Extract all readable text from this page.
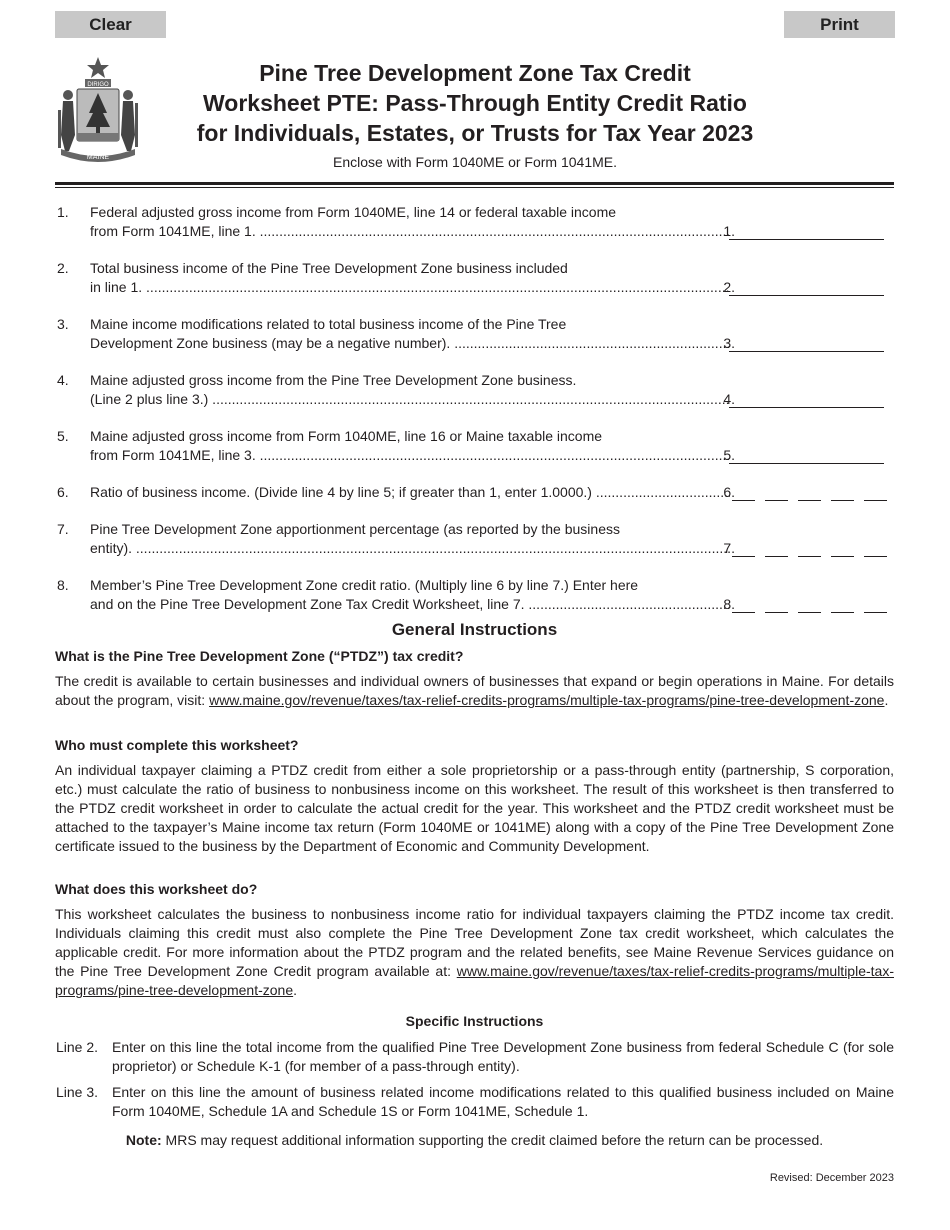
Clear	Print
DIRIGO
MAINE
Pine Tree Development Zone Tax Credit
Worksheet PTE: Pass-Through Entity Credit Ratio
for Individuals, Estates, or Trusts for Tax Year 2023
Enclose with Form 1040ME or Form 1041ME.
1. Federal adjusted gross income from Form 1040ME, line 14 or federal taxable income
from Form 1041ME, line 1. .....	1.
2. Total business income of the Pine Tree Development Zone business included
in line 1. .....	2.
3. Maine income modifications related to total business income of the Pine Tree
Development Zone business (may be a negative number). .....	3.
4. Maine adjusted gross income from the Pine Tree Development Zone business.
(Line 2 plus line 3.) .....	4.
5. Maine adjusted gross income from Form 1040ME, line 16 or Maine taxable income
from Form 1041ME, line 3. .....	5.
6. Ratio of business income. (Divide line 4 by line 5; if greater than 1, enter 1.0000.) .....	6.
7. Pine Tree Development Zone apportionment percentage (as reported by the business
entity). .....	7.
8. Member’s Pine Tree Development Zone credit ratio. (Multiply line 6 by line 7.) Enter here
and on the Pine Tree Development Zone Tax Credit Worksheet, line 7. .....	8.
General Instructions
What is the Pine Tree Development Zone (“PTDZ”) tax credit?
The credit is available to certain businesses and individual owners of businesses that expand or begin operations in Maine. For details about the program, visit: www.maine.gov/revenue/taxes/tax-relief-credits-programs/multiple-tax-programs/pine-tree-development-zone.
Who must complete this worksheet?
An individual taxpayer claiming a PTDZ credit from either a sole proprietorship or a pass-through entity (partnership, S corporation, etc.) must calculate the ratio of business to nonbusiness income on this worksheet. The result of this worksheet is then transferred to the PTDZ credit worksheet in order to calculate the actual credit for the year. This worksheet and the PTDZ credit worksheet must be attached to the taxpayer’s Maine income tax return (Form 1040ME or 1041ME) along with a copy of the Pine Tree Development Zone certificate issued to the business by the Department of Economic and Community Development.
What does this worksheet do?
This worksheet calculates the business to nonbusiness income ratio for individual taxpayers claiming the PTDZ income tax credit. Individuals claiming this credit must also complete the Pine Tree Development Zone tax credit worksheet, which calculates the applicable credit. For more information about the PTDZ program and the related benefits, see Maine Revenue Services guidance on the Pine Tree Development Zone Credit program available at: www.maine.gov/revenue/taxes/tax-relief-credits-programs/multiple-tax-programs/pine-tree-development-zone.
Specific Instructions
Line 2. Enter on this line the total income from the qualified Pine Tree Development Zone business from federal Schedule C (for sole proprietor) or Schedule K-1 (for member of a pass-through entity).
Line 3. Enter on this line the amount of business related income modifications related to this qualified business included on Maine Form 1040ME, Schedule 1A and Schedule 1S or Form 1041ME, Schedule 1.
Note: MRS may request additional information supporting the credit claimed before the return can be processed.
Revised: December 2023
